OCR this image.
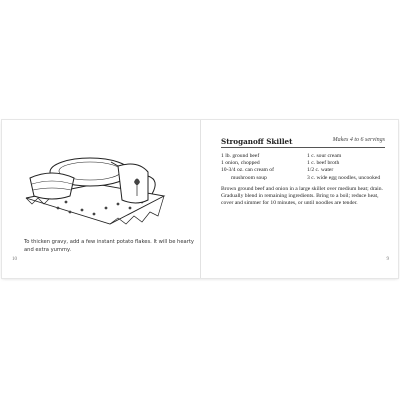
To thicken gravy, add a few instant potato flakes. It will be hearty and extra yummy.
10
Stroganoff Skillet	Makes 4 to 6 servings
1 lb. ground beef
1 onion, chopped
10-3/4 oz. can cream of
mushroom soup
1 c. sour cream
1 c. beef broth
1/2 c. water
3 c. wide egg noodles, uncooked
Brown ground beef and onion in a large skillet over medium heat; drain. Gradually blend in remaining ingredients. Bring to a boil; reduce heat, cover and simmer for 10 minutes, or until noodles are tender.
9
